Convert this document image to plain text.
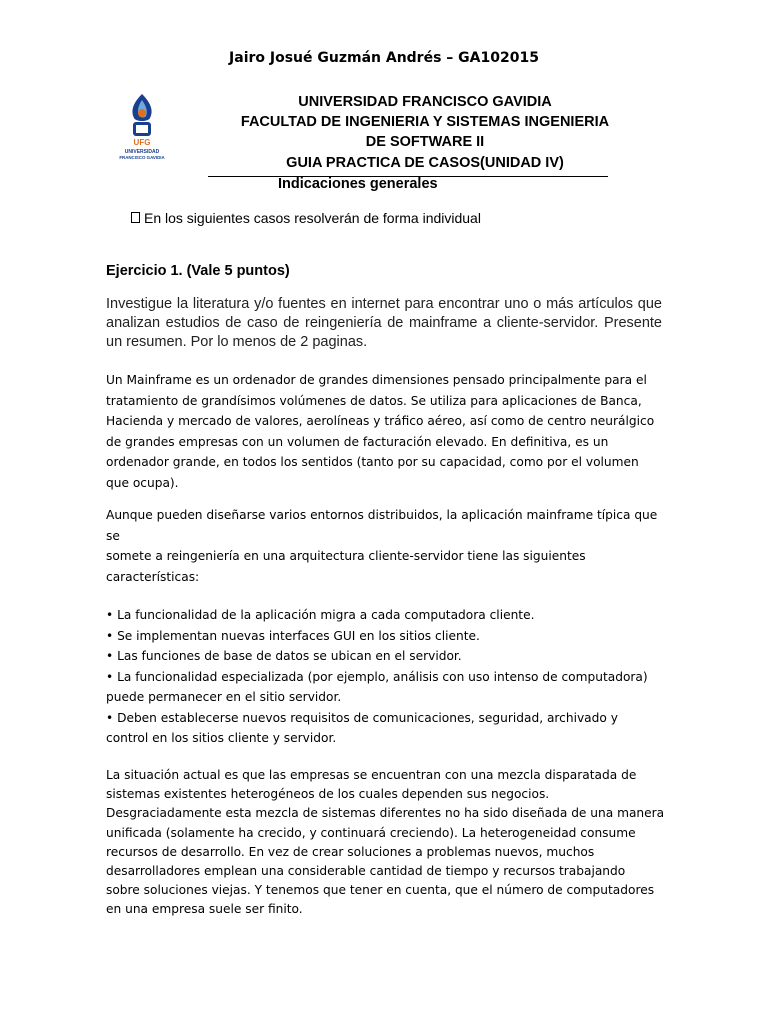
Jairo Josué Guzmán Andrés – GA102015
UFG
UNIVERSIDAD
FRANCISCO GAVIDIA
UNIVERSIDAD FRANCISCO GAVIDIA
FACULTAD DE INGENIERIA Y SISTEMAS INGENIERIA
DE SOFTWARE II
GUIA PRACTICA DE CASOS(UNIDAD IV)
Indicaciones generales
En los siguientes casos resolverán de forma individual
Ejercicio 1. (Vale 5 puntos)
Investigue la literatura y/o fuentes en internet para encontrar uno o más artículos que analizan estudios de caso de reingeniería de mainframe a cliente-servidor. Presente un resumen. Por lo menos de 2 paginas.

Un Mainframe es un ordenador de grandes dimensiones pensado principalmente para el

tratamiento de grandísimos volúmenes de datos. Se utiliza para aplicaciones de Banca,

Hacienda y mercado de valores, aerolíneas y tráfico aéreo, así como de centro neurálgico

de grandes empresas con un volumen de facturación elevado. En definitiva, es un

ordenador grande, en todos los sentidos (tanto por su capacidad, como por el volumen

que ocupa).

Aunque pueden diseñarse varios entornos distribuidos, la aplicación mainframe típica que

se

somete a reingeniería en una arquitectura cliente-servidor tiene las siguientes

características:

• La funcionalidad de la aplicación migra a cada computadora cliente.

• Se implementan nuevas interfaces GUI en los sitios cliente.

• Las funciones de base de datos se ubican en el servidor.

• La funcionalidad especializada (por ejemplo, análisis con uso intenso de computadora)

puede permanecer en el sitio servidor.

• Deben establecerse nuevos requisitos de comunicaciones, seguridad, archivado y

control en los sitios cliente y servidor.

La situación actual es que las empresas se encuentran con una mezcla disparatada de

sistemas existentes heterogéneos de los cuales dependen sus negocios.

Desgraciadamente esta mezcla de sistemas diferentes no ha sido diseñada de una manera

unificada (solamente ha crecido, y continuará creciendo). La heterogeneidad consume

recursos de desarrollo. En vez de crear soluciones a problemas nuevos, muchos

desarrolladores emplean una considerable cantidad de tiempo y recursos trabajando

sobre soluciones viejas. Y tenemos que tener en cuenta, que el número de computadores

en una empresa suele ser finito.
